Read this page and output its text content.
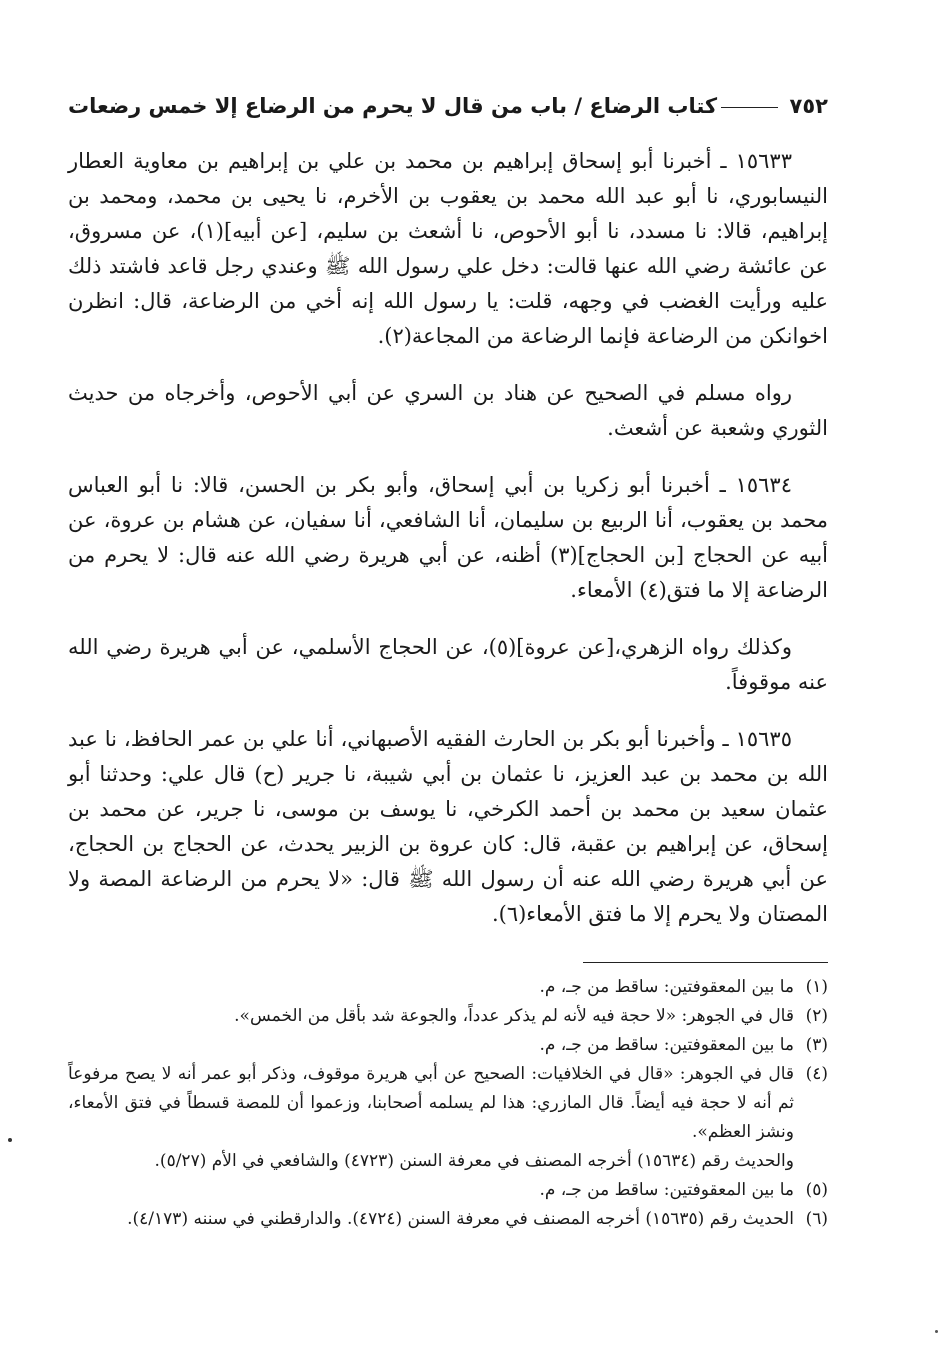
٧٥٢
كتاب الرضاع / باب من قال لا يحرم من الرضاع إلا خمس رضعات

١٥٦٣٣ ـ أخبرنا أبو إسحاق إبراهيم بن محمد بن علي بن إبراهيم بن معاوية العطار النيسابوري، نا أبو عبد الله محمد بن يعقوب بن الأخرم، نا يحيى بن محمد، ومحمد بن إبراهيم، قالا: نا مسدد، نا أبو الأحوص، نا أشعث بن سليم، [عن أبيه](١)، عن مسروق، عن عائشة رضي الله عنها قالت: دخل علي رسول الله ﷺ وعندي رجل قاعد فاشتد ذلك عليه ورأيت الغضب في وجهه، قلت: يا رسول الله إنه أخي من الرضاعة، قال: انظرن اخوانكن من الرضاعة فإنما الرضاعة من المجاعة(٢).

رواه مسلم في الصحيح عن هناد بن السري عن أبي الأحوص، وأخرجاه من حديث الثوري وشعبة عن أشعث.

١٥٦٣٤ ـ أخبرنا أبو زكريا بن أبي إسحاق، وأبو بكر بن الحسن، قالا: نا أبو العباس محمد بن يعقوب، أنا الربيع بن سليمان، أنا الشافعي، أنا سفيان، عن هشام بن عروة، عن أبيه عن الحجاج [بن الحجاج](٣) أظنه، عن أبي هريرة رضي الله عنه قال: لا يحرم من الرضاعة إلا ما فتق(٤) الأمعاء.

وكذلك رواه الزهري،[عن عروة](٥)، عن الحجاج الأسلمي، عن أبي هريرة رضي الله عنه موقوفاً.

١٥٦٣٥ ـ وأخبرنا أبو بكر بن الحارث الفقيه الأصبهاني، أنا علي بن عمر الحافظ، نا عبد الله بن محمد بن عبد العزيز، نا عثمان بن أبي شيبة، نا جرير (ح) قال علي: وحدثنا أبو عثمان سعيد بن محمد بن أحمد الكرخي، نا يوسف بن موسى، نا جرير، عن محمد بن إسحاق، عن إبراهيم بن عقبة، قال: كان عروة بن الزبير يحدث، عن الحجاج بن الحجاج، عن أبي هريرة رضي الله عنه أن رسول الله ﷺ قال: «لا يحرم من الرضاعة المصة ولا المصتان ولا يحرم إلا ما فتق الأمعاء(٦).

(١)
ما بين المعقوفتين: ساقط من جـ، م.
(٢)
قال في الجوهر: «لا حجة فيه لأنه لم يذكر عدداً، والجوعة شد بأقل من الخمس».
(٣)
ما بين المعقوفتين: ساقط من جـ، م.
(٤)
قال في الجوهر: «قال في الخلافيات: الصحيح عن أبي هريرة موقوف، وذكر أبو عمر أنه لا يصح مرفوعاً ثم أنه لا حجة فيه أيضاً. قال المازري: هذا لم يسلمه أصحابنا، وزعموا أن للمصة قسطاً في فتق الأمعاء، ونشز العظم».
والحديث رقم (١٥٦٣٤) أخرجه المصنف في معرفة السنن (٤٧٢٣) والشافعي في الأم (٥/٢٧).
(٥)
ما بين المعقوفتين: ساقط من جـ، م.
(٦)
الحديث رقم (١٥٦٣٥) أخرجه المصنف في معرفة السنن (٤٧٢٤). والدارقطني في سننه (٤/١٧٣).
